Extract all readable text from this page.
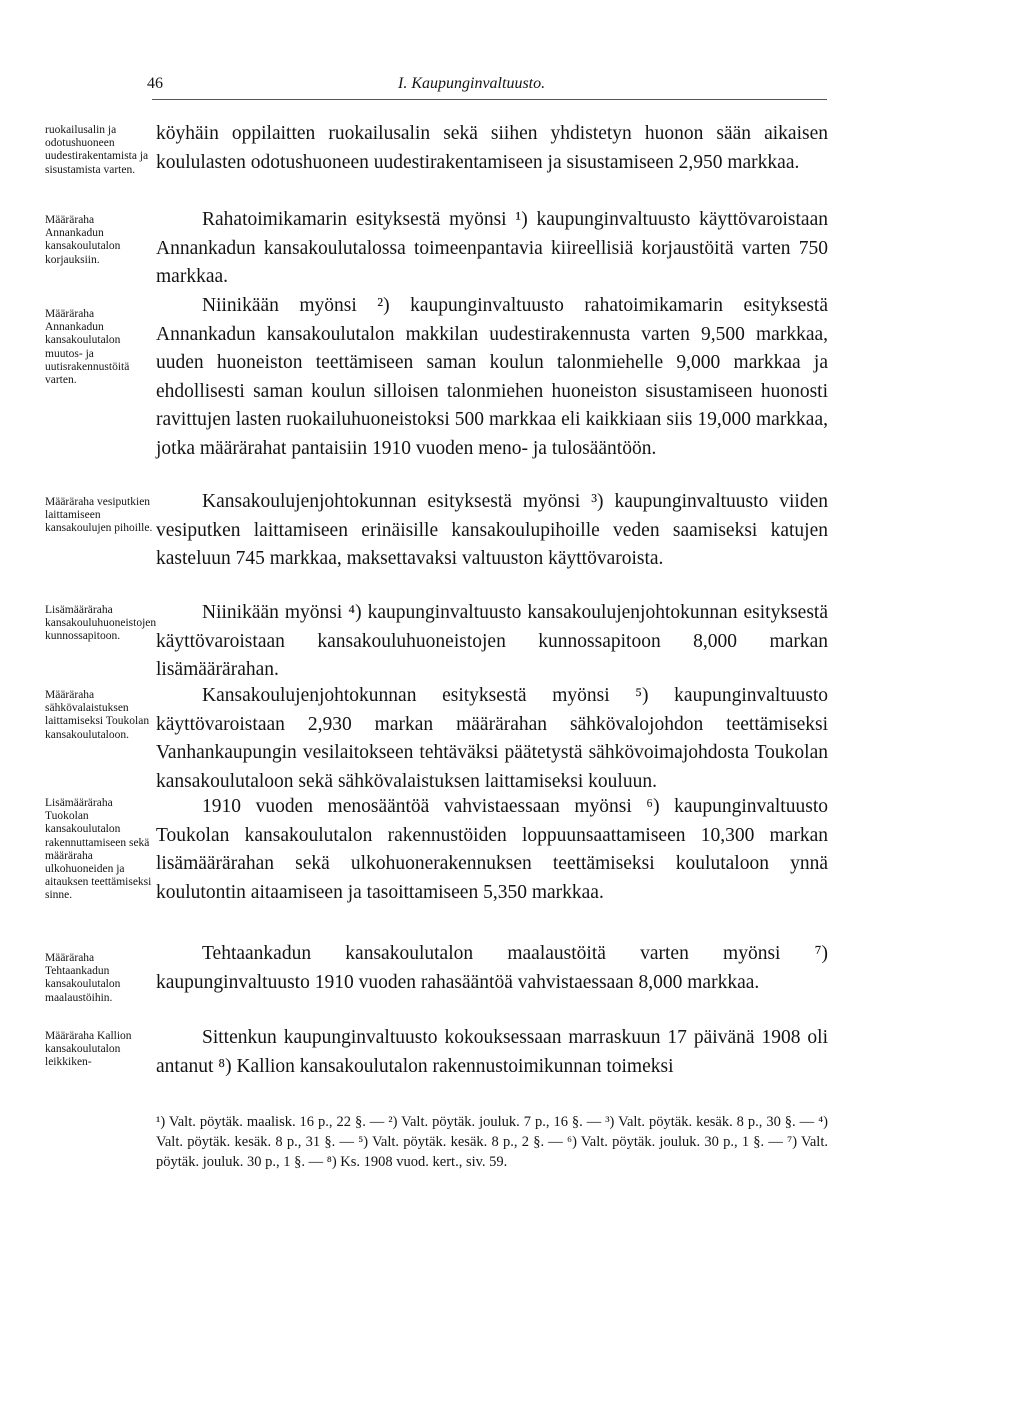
46	I. Kaupunginvaltuusto.
ruokailusalin ja odotushuoneen uudestirakentamista ja sisustamista varten.
Määräraha Annankadun kansakoulutalon korjauksiin.
Määräraha Annankadun kansakoulutalon muutos- ja uutisrakennustöitä varten.
Määräraha vesiputkien laittamiseen kansakoulujen pihoille.
Lisämääräraha kansakouluhuoneistojen kunnossapitoon.
Määräraha sähkövalaistuksen laittamiseksi Toukolan kansakoulutaloon.
Lisämääräraha Tuokolan kansakoulutalon rakennuttamiseen sekä määräraha ulkohuoneiden ja aitauksen teettämiseksi sinne.
Määräraha Tehtaankadun kansakoulutalon maalaustöihin.
Määräraha Kallion kansakoulutalon leikkiken-

köyhäin oppilaitten ruokailusalin sekä siihen yhdistetyn huonon sään aikaisen koululasten odotushuoneen uudestirakentamiseen ja sisustamiseen 2,950 markkaa.

Rahatoimikamarin esityksestä myönsi ¹) kaupunginvaltuusto käyttövaroistaan Annankadun kansakoulutalossa toimeenpantavia kiireellisiä korjaustöitä varten 750 markkaa.

Niinikään myönsi ²) kaupunginvaltuusto rahatoimikamarin esityksestä Annankadun kansakoulutalon makkilan uudestirakennusta varten 9,500 markkaa, uuden huoneiston teettämiseen saman koulun talonmiehelle 9,000 markkaa ja ehdollisesti saman koulun silloisen talonmiehen huoneiston sisustamiseen huonosti ravittujen lasten ruokailuhuoneistoksi 500 markkaa eli kaikkiaan siis 19,000 markkaa, jotka määrärahat pantaisiin 1910 vuoden meno- ja tulosääntöön.

Kansakoulujenjohtokunnan esityksestä myönsi ³) kaupunginvaltuusto viiden vesiputken laittamiseen erinäisille kansakoulupihoille veden saamiseksi katujen kasteluun 745 markkaa, maksettavaksi valtuuston käyttövaroista.

Niinikään myönsi ⁴) kaupunginvaltuusto kansakoulujenjohtokunnan esityksestä käyttövaroistaan kansakouluhuoneistojen kunnossapitoon 8,000 markan lisämäärärahan.

Kansakoulujenjohtokunnan esityksestä myönsi ⁵) kaupunginvaltuusto käyttövaroistaan 2,930 markan määrärahan sähkövalojohdon teettämiseksi Vanhankaupungin vesilaitokseen tehtäväksi päätetystä sähkövoimajohdosta Toukolan kansakoulutaloon sekä sähkövalaistuksen laittamiseksi kouluun.

1910 vuoden menosääntöä vahvistaessaan myönsi ⁶) kaupunginvaltuusto Toukolan kansakoulutalon rakennustöiden loppuunsaattamiseen 10,300 markan lisämäärärahan sekä ulkohuonerakennuksen teettämiseksi koulutaloon ynnä koulutontin aitaamiseen ja tasoittamiseen 5,350 markkaa.

Tehtaankadun kansakoulutalon maalaustöitä varten myönsi ⁷) kaupunginvaltuusto 1910 vuoden rahasääntöä vahvistaessaan 8,000 markkaa.

Sittenkun kaupunginvaltuusto kokouksessaan marraskuun 17 päivänä 1908 oli antanut ⁸) Kallion kansakoulutalon rakennustoimikunnan toimeksi

¹) Valt. pöytäk. maalisk. 16 p., 22 §. — ²) Valt. pöytäk. jouluk. 7 p., 16 §. — ³) Valt. pöytäk. kesäk. 8 p., 30 §. — ⁴) Valt. pöytäk. kesäk. 8 p., 31 §. — ⁵) Valt. pöytäk. kesäk. 8 p., 2 §. — ⁶) Valt. pöytäk. jouluk. 30 p., 1 §. — ⁷) Valt. pöytäk. jouluk. 30 p., 1 §. — ⁸) Ks. 1908 vuod. kert., siv. 59.
